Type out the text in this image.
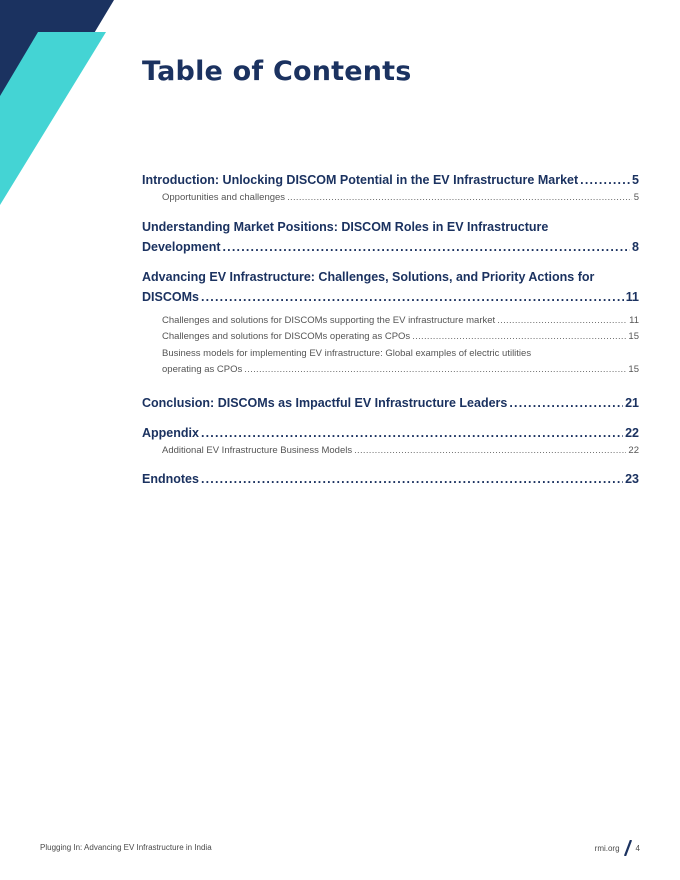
Table of Contents
Introduction: Unlocking DISCOM Potential in the EV Infrastructure Market .....	5
Opportunities and challenges .....	5
Understanding Market Positions: DISCOM Roles in EV Infrastructure
Development .....	8
Advancing EV Infrastructure: Challenges, Solutions, and Priority Actions for
DISCOMs .....	11
Challenges and solutions for DISCOMs supporting the EV infrastructure market .....	11
Challenges and solutions for DISCOMs operating as CPOs .....	15
Business models for implementing EV infrastructure: Global examples of electric utilities
operating as CPOs .....	15
Conclusion: DISCOMs as Impactful EV Infrastructure Leaders .....	21
Appendix .....	22
Additional EV Infrastructure Business Models .....	22
Endnotes .....	23
Plugging In: Advancing EV Infrastructure in India	rmi.org 4
